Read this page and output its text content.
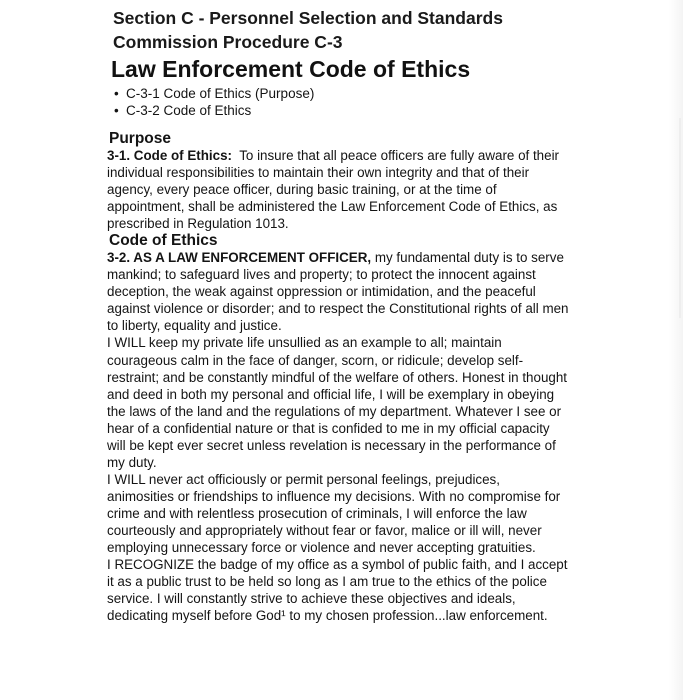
Section C - Personnel Selection and Standards
Commission Procedure C-3
Law Enforcement Code of Ethics
• C-3-1 Code of Ethics (Purpose)
• C-3-2 Code of Ethics
Purpose

3-1. Code of Ethics: To insure that all peace officers are fully aware of their individual responsibilities to maintain their own integrity and that of their agency, every peace officer, during basic training, or at the time of appointment, shall be administered the Law Enforcement Code of Ethics, as prescribed in Regulation 1013.

Code of Ethics

3-2. AS A LAW ENFORCEMENT OFFICER, my fundamental duty is to serve mankind; to safeguard lives and property; to protect the innocent against deception, the weak against oppression or intimidation, and the peaceful against violence or disorder; and to respect the Constitutional rights of all men to liberty, equality and justice.

I WILL keep my private life unsullied as an example to all; maintain courageous calm in the face of danger, scorn, or ridicule; develop self-restraint; and be constantly mindful of the welfare of others. Honest in thought and deed in both my personal and official life, I will be exemplary in obeying the laws of the land and the regulations of my department. Whatever I see or hear of a confidential nature or that is confided to me in my official capacity will be kept ever secret unless revelation is necessary in the performance of my duty.

I WILL never act officiously or permit personal feelings, prejudices, animosities or friendships to influence my decisions. With no compromise for crime and with relentless prosecution of criminals, I will enforce the law courteously and appropriately without fear or favor, malice or ill will, never employing unnecessary force or violence and never accepting gratuities.

I RECOGNIZE the badge of my office as a symbol of public faith, and I accept it as a public trust to be held so long as I am true to the ethics of the police service. I will constantly strive to achieve these objectives and ideals, dedicating myself before God¹ to my chosen profession...law enforcement.
